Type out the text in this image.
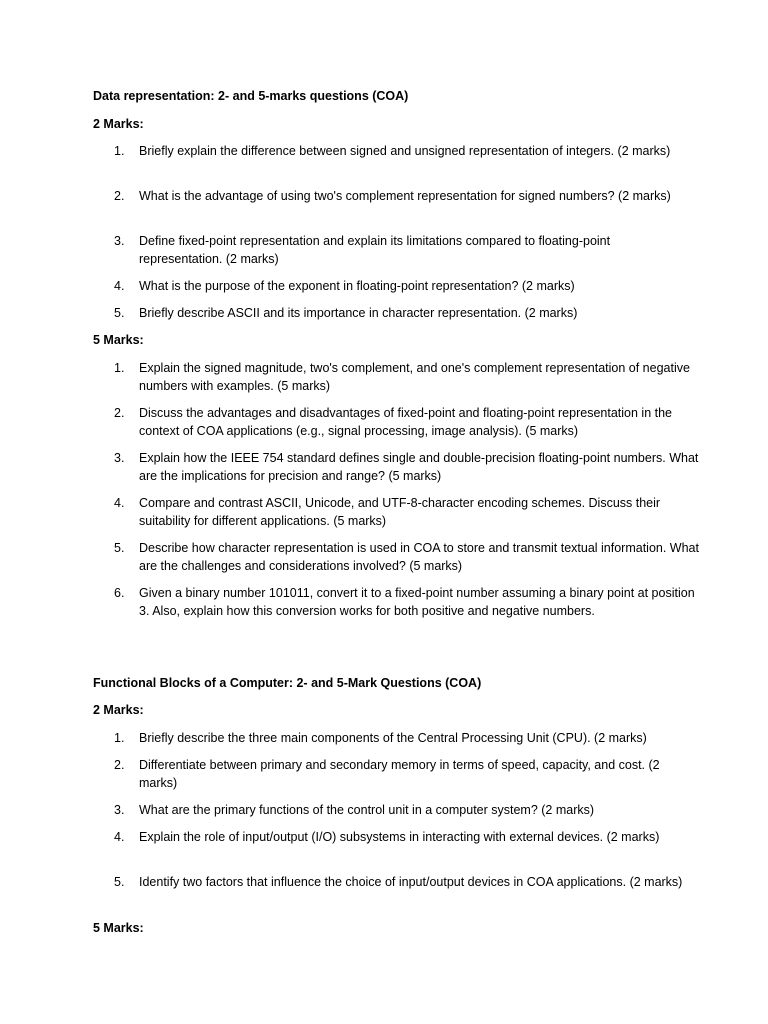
Data representation: 2- and 5-marks questions (COA)
2 Marks:
1. Briefly explain the difference between signed and unsigned representation of integers. (2 marks)
2. What is the advantage of using two's complement representation for signed numbers? (2 marks)
3. Define fixed-point representation and explain its limitations compared to floating-point representation. (2 marks)
4. What is the purpose of the exponent in floating-point representation? (2 marks)
5. Briefly describe ASCII and its importance in character representation. (2 marks)
5 Marks:
1. Explain the signed magnitude, two's complement, and one's complement representation of negative numbers with examples. (5 marks)
2. Discuss the advantages and disadvantages of fixed-point and floating-point representation in the context of COA applications (e.g., signal processing, image analysis). (5 marks)
3. Explain how the IEEE 754 standard defines single and double-precision floating-point numbers. What are the implications for precision and range? (5 marks)
4. Compare and contrast ASCII, Unicode, and UTF-8-character encoding schemes. Discuss their suitability for different applications. (5 marks)
5. Describe how character representation is used in COA to store and transmit textual information. What are the challenges and considerations involved? (5 marks)
6. Given a binary number 101011, convert it to a fixed-point number assuming a binary point at position 3. Also, explain how this conversion works for both positive and negative numbers.
Functional Blocks of a Computer: 2- and 5-Mark Questions (COA)
2 Marks:
1. Briefly describe the three main components of the Central Processing Unit (CPU). (2 marks)
2. Differentiate between primary and secondary memory in terms of speed, capacity, and cost. (2 marks)
3. What are the primary functions of the control unit in a computer system? (2 marks)
4. Explain the role of input/output (I/O) subsystems in interacting with external devices. (2 marks)
5. Identify two factors that influence the choice of input/output devices in COA applications. (2 marks)
5 Marks:
